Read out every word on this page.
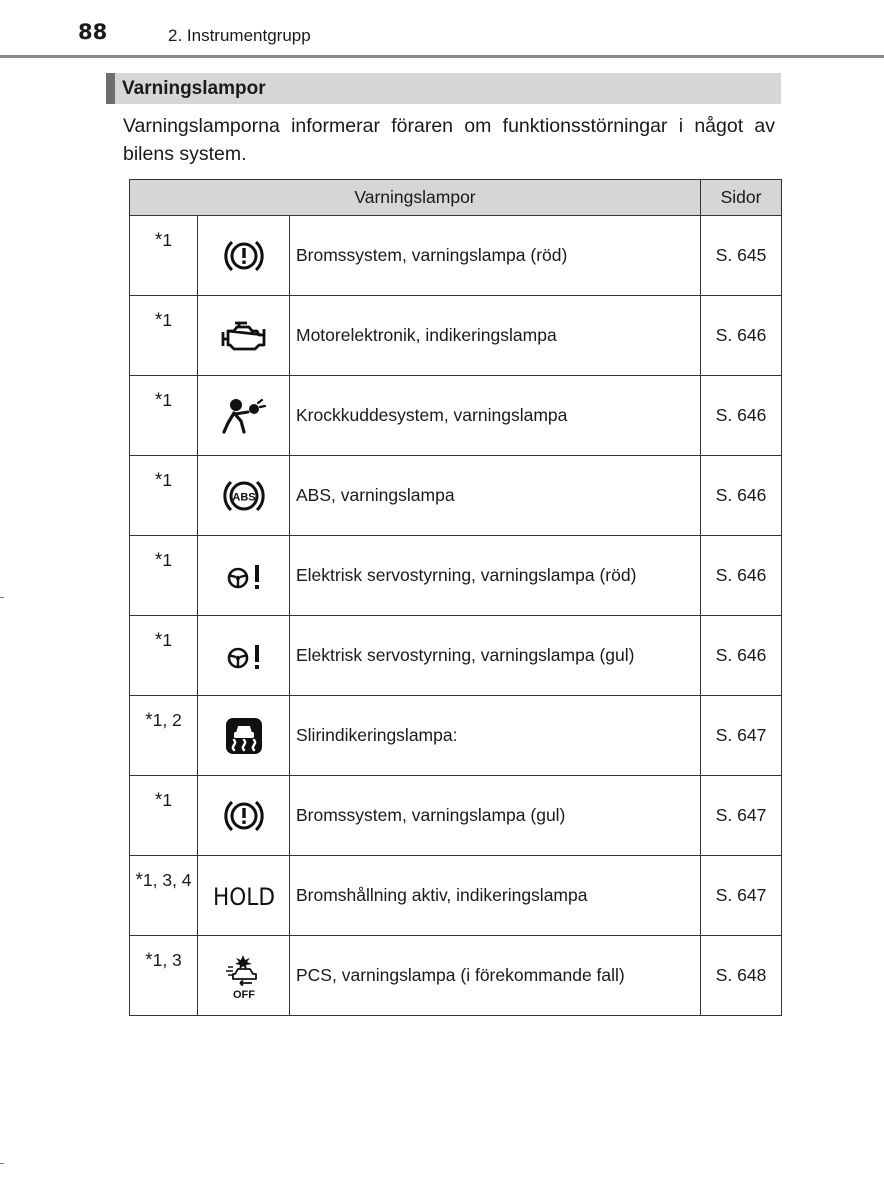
88	2. Instrumentgrupp
Varningslampor
Varningslamporna informerar föraren om funktionsstörningar i något av bilens system.
Varningslampor			Sidor
*1		Bromssystem, varningslampa (röd)	S. 645
*1		Motorelektronik, indikeringslampa	S. 646
*1		Krockkuddesystem, varningslampa	S. 646
*1	ABS	ABS, varningslampa	S. 646
*1		Elektrisk servostyrning, varningslampa (röd)	S. 646
*1		Elektrisk servostyrning, varningslampa (gul)	S. 646
*1, 2		Slirindikeringslampa:	S. 647
*1		Bromssystem, varningslampa (gul)	S. 647
*1, 3, 4	HOLD	Bromshållning aktiv, indikeringslampa	S. 647
*1, 3	OFF	PCS, varningslampa (i förekommande fall)	S. 648
